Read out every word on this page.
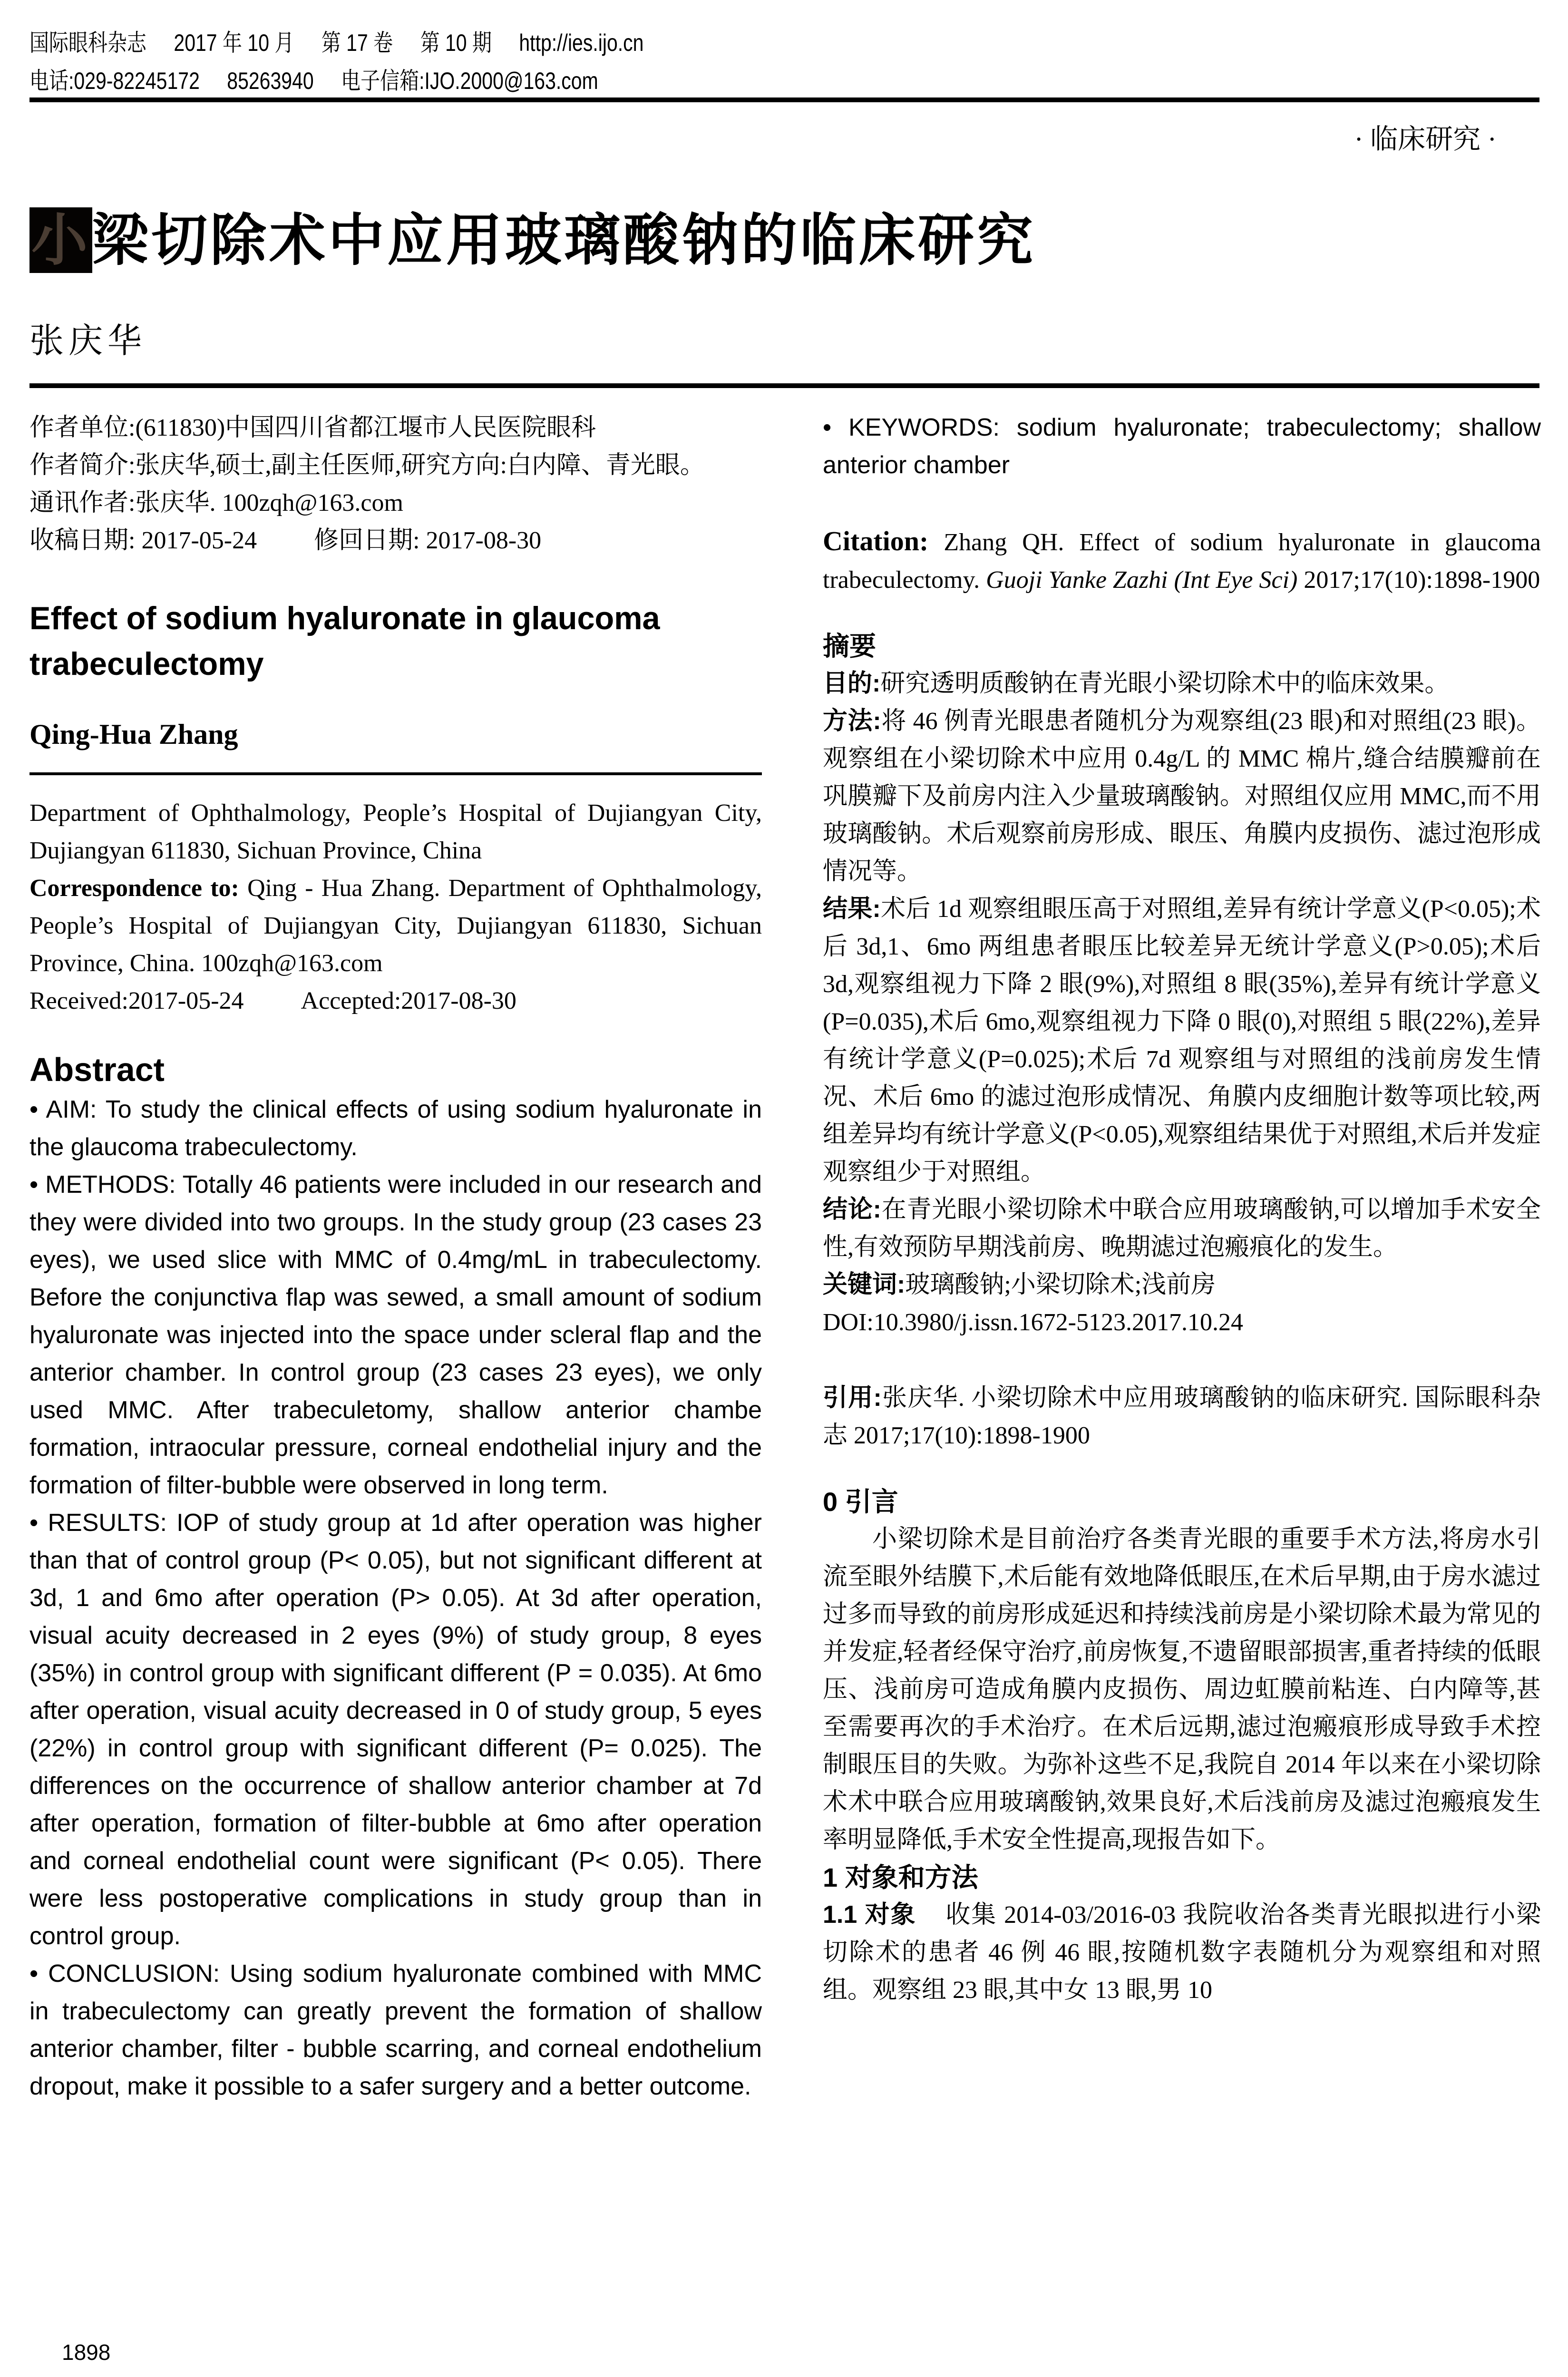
国际眼科杂志 2017 年 10 月 第 17 卷 第 10 期 http://ies.ijo.cn
电话:029-82245172 85263940 电子信箱:IJO.2000@163.com
· 临床研究 ·
小梁切除术中应用玻璃酸钠的临床研究
张庆华

作者单位:(611830)中国四川省都江堰市人民医院眼科

作者简介:张庆华,硕士,副主任医师,研究方向:白内障、青光眼。

通讯作者:张庆华. 100zqh@163.com

收稿日期: 2017-05-24 修回日期: 2017-08-30

Effect of sodium hyaluronate in glaucoma trabeculectomy
Qing-Hua Zhang

Department of Ophthalmology, People’s Hospital of Dujiangyan City, Dujiangyan 611830, Sichuan Province, China

Correspondence to: Qing - Hua Zhang. Department of Ophthalmology, People’s Hospital of Dujiangyan City, Dujiangyan 611830, Sichuan Province, China. 100zqh@163.com

Received:2017-05-24 Accepted:2017-08-30

Abstract

• AIM: To study the clinical effects of using sodium hyaluronate in the glaucoma trabeculectomy.

• METHODS: Totally 46 patients were included in our research and they were divided into two groups. In the study group (23 cases 23 eyes), we used slice with MMC of 0.4mg/mL in trabeculectomy. Before the conjunctiva flap was sewed, a small amount of sodium hyaluronate was injected into the space under scleral flap and the anterior chamber. In control group (23 cases 23 eyes), we only used MMC. After trabeculetomy, shallow anterior chambe formation, intraocular pressure, corneal endothelial injury and the formation of filter-bubble were observed in long term.

• RESULTS: IOP of study group at 1d after operation was higher than that of control group (P< 0.05), but not significant different at 3d, 1 and 6mo after operation (P> 0.05). At 3d after operation, visual acuity decreased in 2 eyes (9%) of study group, 8 eyes (35%) in control group with significant different (P = 0.035). At 6mo after operation, visual acuity decreased in 0 of study group, 5 eyes (22%) in control group with significant different (P= 0.025). The differences on the occurrence of shallow anterior chamber at 7d after operation, formation of filter-bubble at 6mo after operation and corneal endothelial count were significant (P< 0.05). There were less postoperative complications in study group than in control group.

• CONCLUSION: Using sodium hyaluronate combined with MMC in trabeculectomy can greatly prevent the formation of shallow anterior chamber, filter - bubble scarring, and corneal endothelium dropout, make it possible to a safer surgery and a better outcome.

1898

• KEYWORDS: sodium hyaluronate; trabeculectomy; shallow anterior chamber

Citation: Zhang QH. Effect of sodium hyaluronate in glaucoma trabeculectomy. Guoji Yanke Zazhi (Int Eye Sci) 2017;17(10):1898-1900

摘要

目的:研究透明质酸钠在青光眼小梁切除术中的临床效果。

方法:将 46 例青光眼患者随机分为观察组(23 眼)和对照组(23 眼)。观察组在小梁切除术中应用 0.4g/L 的 MMC 棉片,缝合结膜瓣前在巩膜瓣下及前房内注入少量玻璃酸钠。对照组仅应用 MMC,而不用玻璃酸钠。术后观察前房形成、眼压、角膜内皮损伤、滤过泡形成情况等。

结果:术后 1d 观察组眼压高于对照组,差异有统计学意义(P<0.05);术后 3d,1、6mo 两组患者眼压比较差异无统计学意义(P>0.05);术后 3d,观察组视力下降 2 眼(9%),对照组 8 眼(35%),差异有统计学意义(P=0.035),术后 6mo,观察组视力下降 0 眼(0),对照组 5 眼(22%),差异有统计学意义(P=0.025);术后 7d 观察组与对照组的浅前房发生情况、术后 6mo 的滤过泡形成情况、角膜内皮细胞计数等项比较,两组差异均有统计学意义(P<0.05),观察组结果优于对照组,术后并发症观察组少于对照组。

结论:在青光眼小梁切除术中联合应用玻璃酸钠,可以增加手术安全性,有效预防早期浅前房、晚期滤过泡瘢痕化的发生。

关键词:玻璃酸钠;小梁切除术;浅前房

DOI:10.3980/j.issn.1672-5123.2017.10.24

引用:张庆华. 小梁切除术中应用玻璃酸钠的临床研究. 国际眼科杂志 2017;17(10):1898-1900

0 引言

小梁切除术是目前治疗各类青光眼的重要手术方法,将房水引流至眼外结膜下,术后能有效地降低眼压,在术后早期,由于房水滤过过多而导致的前房形成延迟和持续浅前房是小梁切除术最为常见的并发症,轻者经保守治疗,前房恢复,不遗留眼部损害,重者持续的低眼压、浅前房可造成角膜内皮损伤、周边虹膜前粘连、白内障等,甚至需要再次的手术治疗。在术后远期,滤过泡瘢痕形成导致手术控制眼压目的失败。为弥补这些不足,我院自 2014 年以来在小梁切除术术中联合应用玻璃酸钠,效果良好,术后浅前房及滤过泡瘢痕发生率明显降低,手术安全性提高,现报告如下。

1 对象和方法

1.1 对象 收集 2014-03/2016-03 我院收治各类青光眼拟进行小梁切除术的患者 46 例 46 眼,按随机数字表随机分为观察组和对照组。观察组 23 眼,其中女 13 眼,男 10
